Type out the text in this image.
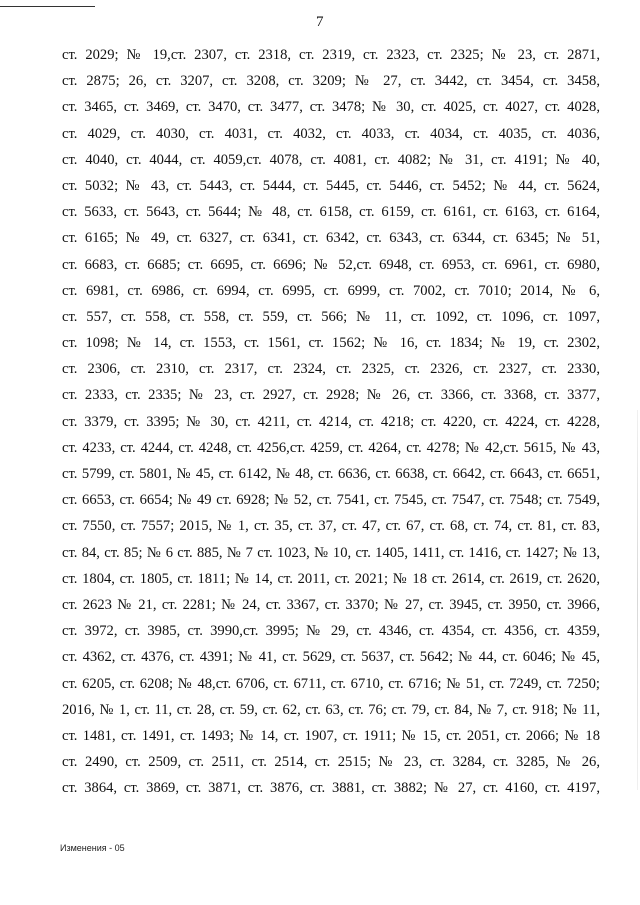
7
ст. 2029; № 19,ст. 2307, ст. 2318, ст. 2319, ст. 2323, ст. 2325; № 23, ст. 2871,
ст. 2875; 26, ст. 3207, ст. 3208, ст. 3209; № 27, ст. 3442, ст. 3454, ст. 3458,
ст. 3465, ст. 3469, ст. 3470, ст. 3477, ст. 3478; № 30, ст. 4025, ст. 4027, ст. 4028,
ст. 4029, ст. 4030, ст. 4031, ст. 4032, ст. 4033, ст. 4034, ст. 4035, ст. 4036,
ст. 4040, ст. 4044, ст. 4059,ст. 4078, ст. 4081, ст. 4082; № 31, ст. 4191; № 40,
ст. 5032; № 43, ст. 5443, ст. 5444, ст. 5445, ст. 5446, ст. 5452; № 44, ст. 5624,
ст. 5633, ст. 5643, ст. 5644; № 48, ст. 6158, ст. 6159, ст. 6161, ст. 6163, ст. 6164,
ст. 6165; № 49, ст. 6327, ст. 6341, ст. 6342, ст. 6343, ст. 6344, ст. 6345; № 51,
ст. 6683, ст. 6685; ст. 6695, ст. 6696; № 52,ст. 6948, ст. 6953, ст. 6961, ст. 6980,
ст. 6981, ст. 6986, ст. 6994, ст. 6995, ст. 6999, ст. 7002, ст. 7010; 2014, № 6,
ст. 557, ст. 558, ст. 558, ст. 559, ст. 566; № 11, ст. 1092, ст. 1096, ст. 1097,
ст. 1098; № 14, ст. 1553, ст. 1561, ст. 1562; № 16, ст. 1834; № 19, ст. 2302,
ст. 2306, ст. 2310, ст. 2317, ст. 2324, ст. 2325, ст. 2326, ст. 2327, ст. 2330,
ст. 2333, ст. 2335; № 23, ст. 2927, ст. 2928; № 26, ст. 3366, ст. 3368, ст. 3377,
ст. 3379, ст. 3395; № 30, ст. 4211, ст. 4214, ст. 4218; ст. 4220, ст. 4224, ст. 4228,
ст. 4233, ст. 4244, ст. 4248, ст. 4256,ст. 4259, ст. 4264, ст. 4278; № 42,ст. 5615, № 43,
ст. 5799, ст. 5801, № 45, ст. 6142, № 48, ст. 6636, ст. 6638, ст. 6642, ст. 6643, ст. 6651,
ст. 6653, ст. 6654; № 49 ст. 6928; № 52, ст. 7541, ст. 7545, ст. 7547, ст. 7548; ст. 7549,
ст. 7550, ст. 7557; 2015, № 1, ст. 35, ст. 37, ст. 47, ст. 67, ст. 68, ст. 74, ст. 81, ст. 83,
ст. 84, ст. 85; № 6 ст. 885, № 7 ст. 1023, № 10, ст. 1405, 1411, ст. 1416, ст. 1427; № 13,
ст. 1804, ст. 1805, ст. 1811; № 14, ст. 2011, ст. 2021; № 18 ст. 2614, ст. 2619, ст. 2620,
ст. 2623 № 21, ст. 2281; № 24, ст. 3367, ст. 3370; № 27, ст. 3945, ст. 3950, ст. 3966,
ст. 3972, ст. 3985, ст. 3990,ст. 3995; № 29, ст. 4346, ст. 4354, ст. 4356, ст. 4359,
ст. 4362, ст. 4376, ст. 4391; № 41, ст. 5629, ст. 5637, ст. 5642; № 44, ст. 6046; № 45,
ст. 6205, ст. 6208; № 48,ст. 6706, ст. 6711, ст. 6710, ст. 6716; № 51, ст. 7249, ст. 7250;
2016, № 1, ст. 11, ст. 28, ст. 59, ст. 62, ст. 63, ст. 76; ст. 79, ст. 84, № 7, ст. 918; № 11,
ст. 1481, ст. 1491, ст. 1493; № 14, ст. 1907, ст. 1911; № 15, ст. 2051, ст. 2066; № 18
ст. 2490, ст. 2509, ст. 2511, ст. 2514, ст. 2515; № 23, ст. 3284, ст. 3285, № 26,
ст. 3864, ст. 3869, ст. 3871, ст. 3876, ст. 3881, ст. 3882; № 27, ст. 4160, ст. 4197,
Изменения - 05
